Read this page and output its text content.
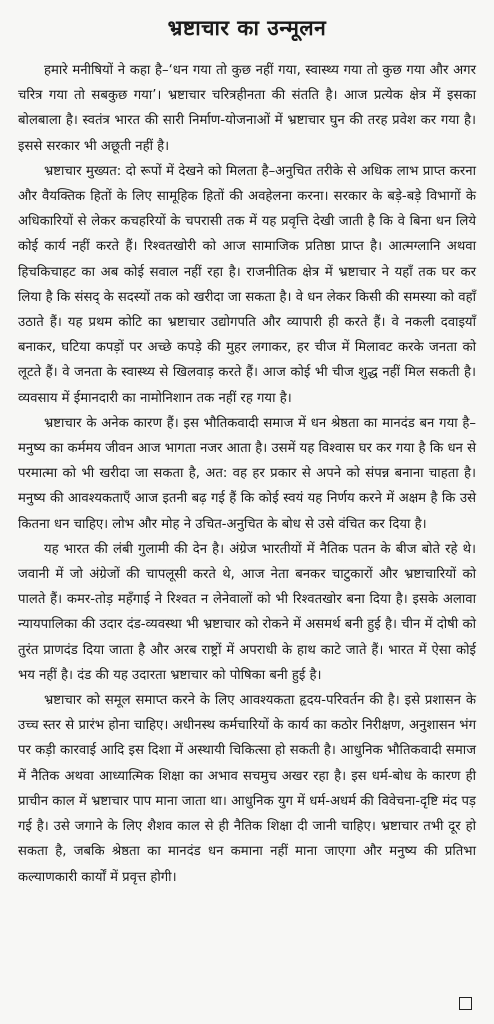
भ्रष्टाचार का उन्मूलन

हमारे मनीषियों ने कहा है–‘धन गया तो कुछ नहीं गया, स्वास्थ्य गया तो कुछ गया और अगर चरित्र गया तो सबकुछ गया’। भ्रष्टाचार चरित्रहीनता की संतति है। आज प्रत्येक क्षेत्र में इसका बोलबाला है। स्वतंत्र भारत की सारी निर्माण-योजनाओं में भ्रष्टाचार घुन की तरह प्रवेश कर गया है। इससे सरकार भी अछूती नहीं है।

भ्रष्टाचार मुख्यत: दो रूपों में देखने को मिलता है–अनुचित तरीके से अधिक लाभ प्राप्त करना और वैयक्तिक हितों के लिए सामूहिक हितों की अवहेलना करना। सरकार के बड़े-बड़े विभागों के अधिकारियों से लेकर कचहरियों के चपरासी तक में यह प्रवृत्ति देखी जाती है कि वे बिना धन लिये कोई कार्य नहीं करते हैं। रिश्वतखोरी को आज सामाजिक प्रतिष्ठा प्राप्त है। आत्मग्लानि अथवा हिचकिचाहट का अब कोई सवाल नहीं रहा है। राजनीतिक क्षेत्र में भ्रष्टाचार ने यहाँ तक घर कर लिया है कि संसद् के सदस्यों तक को खरीदा जा सकता है। वे धन लेकर किसी की समस्या को वहाँ उठाते हैं। यह प्रथम कोटि का भ्रष्टाचार उद्योगपति और व्यापारी ही करते हैं। वे नकली दवाइयाँ बनाकर, घटिया कपड़ों पर अच्छे कपड़े की मुहर लगाकर, हर चीज में मिलावट करके जनता को लूटते हैं। वे जनता के स्वास्थ्य से खिलवाड़ करते हैं। आज कोई भी चीज शुद्ध नहीं मिल सकती है। व्यवसाय में ईमानदारी का नामोनिशान तक नहीं रह गया है।

भ्रष्टाचार के अनेक कारण हैं। इस भौतिकवादी समाज में धन श्रेष्ठता का मानदंड बन गया है–मनुष्य का कर्ममय जीवन आज भागता नजर आता है। उसमें यह विश्वास घर कर गया है कि धन से परमात्मा को भी खरीदा जा सकता है, अत: वह हर प्रकार से अपने को संपन्न बनाना चाहता है। मनुष्य की आवश्यकताएँ आज इतनी बढ़ गई हैं कि कोई स्वयं यह निर्णय करने में अक्षम है कि उसे कितना धन चाहिए। लोभ और मोह ने उचित-अनुचित के बोध से उसे वंचित कर दिया है।

यह भारत की लंबी गुलामी की देन है। अंग्रेज भारतीयों में नैतिक पतन के बीज बोते रहे थे। जवानी में जो अंग्रेजों की चापलूसी करते थे, आज नेता बनकर चाटुकारों और भ्रष्टाचारियों को पालते हैं। कमर-तोड़ महँगाई ने रिश्वत न लेनेवालों को भी रिश्वतखोर बना दिया है। इसके अलावा न्यायपालिका की उदार दंड-व्यवस्था भी भ्रष्टाचार को रोकने में असमर्थ बनी हुई है। चीन में दोषी को तुरंत प्राणदंड दिया जाता है और अरब राष्ट्रों में अपराधी के हाथ काटे जाते हैं। भारत में ऐसा कोई भय नहीं है। दंड की यह उदारता भ्रष्टाचार को पोषिका बनी हुई है।

भ्रष्टाचार को समूल समाप्त करने के लिए आवश्यकता हृदय-परिवर्तन की है। इसे प्रशासन के उच्च स्तर से प्रारंभ होना चाहिए। अधीनस्थ कर्मचारियों के कार्य का कठोर निरीक्षण, अनुशासन भंग पर कड़ी कारवाई आदि इस दिशा में अस्थायी चिकित्सा हो सकती है। आधुनिक भौतिकवादी समाज में नैतिक अथवा आध्यात्मिक शिक्षा का अभाव सचमुच अखर रहा है। इस धर्म-बोध के कारण ही प्राचीन काल में भ्रष्टाचार पाप माना जाता था। आधुनिक युग में धर्म-अधर्म की विवेचना-दृष्टि मंद पड़ गई है। उसे जगाने के लिए शैशव काल से ही नैतिक शिक्षा दी जानी चाहिए। भ्रष्टाचार तभी दूर हो सकता है, जबकि श्रेष्ठता का मानदंड धन कमाना नहीं माना जाएगा और मनुष्य की प्रतिभा कल्याणकारी कार्यों में प्रवृत्त होगी।
